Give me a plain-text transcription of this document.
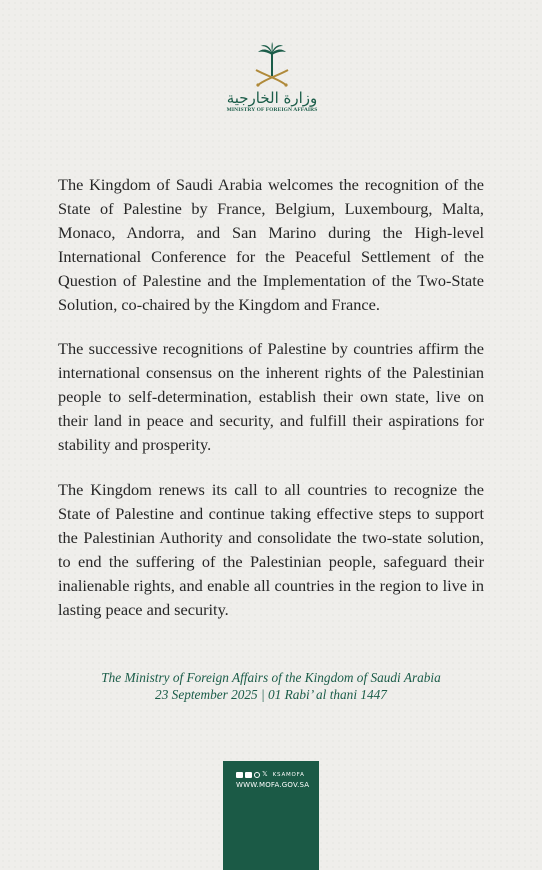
وزارة الخارجية
MINISTRY OF FOREIGN AFFAIRS

The Kingdom of Saudi Arabia welcomes the recognition of the State of Palestine by France, Belgium, Luxembourg, Malta, Monaco, Andorra, and San Marino during the High-level International Conference for the Peaceful Settlement of the Question of Palestine and the Implementation of the Two-State Solution, co-chaired by the Kingdom and France.

The successive recognitions of Palestine by countries affirm the international consensus on the inherent rights of the Palestinian people to self-determination, establish their own state, live on their land in peace and security, and fulfill their aspirations for stability and prosperity.

The Kingdom renews its call to all countries to recognize the State of Palestine and continue taking effective steps to support the Palestinian Authority and consolidate the two-state solution, to end the suffering of the Palestinian people, safeguard their inalienable rights, and enable all countries in the region to live in lasting peace and security.

The Ministry of Foreign Affairs of the Kingdom of Saudi Arabia
23 September 2025 | 01 Rabi’ al thani 1447
𝕏 KSAMOFA
WWW.MOFA.GOV.SA
